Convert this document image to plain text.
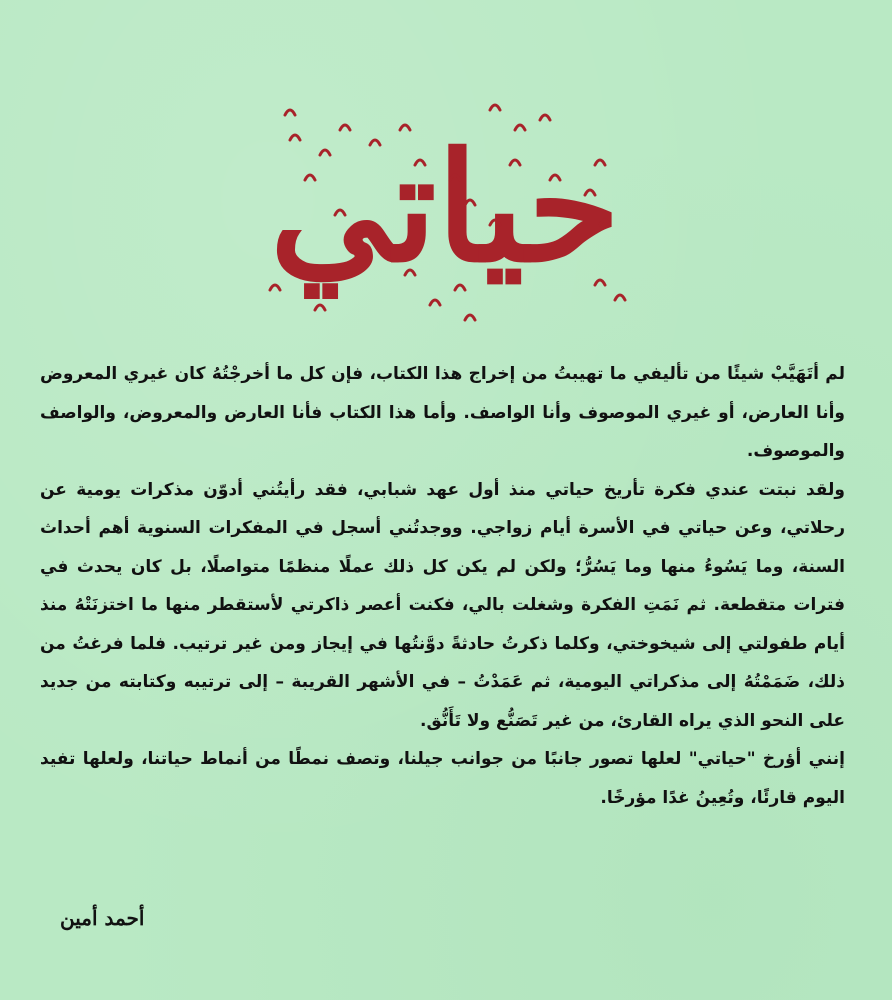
حياتي

لم أتَهَيَّبْ شيئًا من تأليفي ما تهيبتُ من إخراج هذا الكتاب، فإن كل ما أخرجْتُهُ كان غيري المعروض وأنا العارض، أو غيري الموصوف وأنا الواصف. وأما هذا الكتاب فأنا العارض والمعروض، والواصف والموصوف.

ولقد نبتت عندي فكرة تأريخ حياتي منذ أول عهد شبابي، فقد رأيتُني أدوّن مذكرات يومية عن رحلاتي، وعن حياتي في الأسرة أيام زواجي. ووجدتُني أسجل في المفكرات السنوية أهم أحداث السنة، وما يَسُوءُ منها وما يَسُرُّ؛ ولكن لم يكن كل ذلك عملًا منظمًا متواصلًا، بل كان يحدث في فترات متقطعة. ثم نَمَتِ الفكرة وشغلت بالي، فكنت أعصر ذاكرتي لأستقطر منها ما اختزنَتْهُ منذ أيام طفولتي إلى شيخوختي، وكلما ذكرتُ حادثةً دوَّنتُها في إيجاز ومن غير ترتيب. فلما فرغتُ من ذلك، ضَمَمْتُهُ إلى مذكراتي اليومية، ثم عَمَدْتُ – في الأشهر القريبة – إلى ترتيبه وكتابته من جديد على النحو الذي يراه القارئ، من غير تَصَنُّع ولا تَأَنُّق.

إنني أؤرخ "حياتي" لعلها تصور جانبًا من جوانب جيلنا، وتصف نمطًا من أنماط حياتنا، ولعلها تفيد اليوم قارئًا، وتُعِينُ غدًا مؤرخًا.

أحمد أمين
